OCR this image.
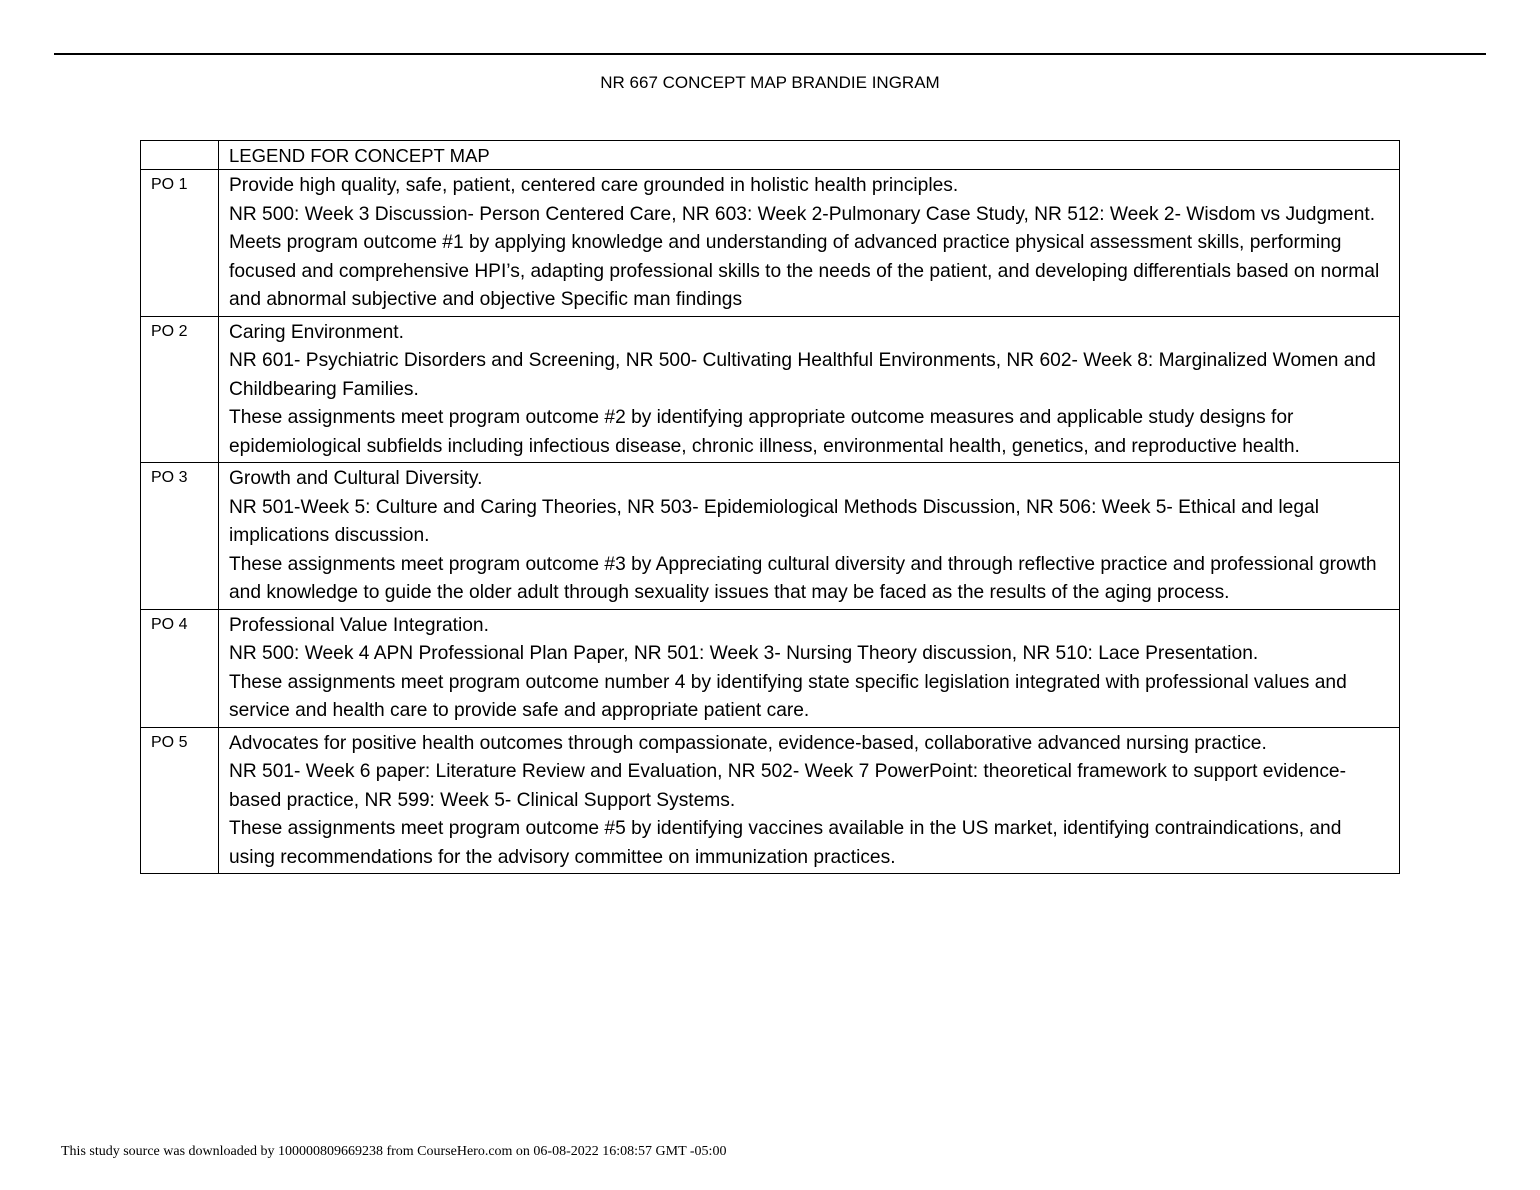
NR 667 CONCEPT MAP BRANDIE INGRAM
	LEGEND FOR CONCEPT MAP
PO 1	Provide high quality, safe, patient, centered care grounded in holistic health principles.

NR 500: Week 3 Discussion- Person Centered Care, NR 603: Week 2-Pulmonary Case Study, NR 512: Week 2- Wisdom vs Judgment.

Meets program outcome #1 by applying knowledge and understanding of advanced practice physical assessment skills, performing focused and comprehensive HPI’s, adapting professional skills to the needs of the patient, and developing differentials based on normal and abnormal subjective and objective Specific man findings

PO 2	Caring Environment.

NR 601- Psychiatric Disorders and Screening, NR 500- Cultivating Healthful Environments, NR 602- Week 8: Marginalized Women and Childbearing Families.

These assignments meet program outcome #2 by identifying appropriate outcome measures and applicable study designs for epidemiological subfields including infectious disease, chronic illness, environmental health, genetics, and reproductive health.

PO 3	Growth and Cultural Diversity.

NR 501-Week 5: Culture and Caring Theories, NR 503- Epidemiological Methods Discussion, NR 506: Week 5- Ethical and legal implications discussion.

These assignments meet program outcome #3 by Appreciating cultural diversity and through reflective practice and professional growth and knowledge to guide the older adult through sexuality issues that may be faced as the results of the aging process.

PO 4	Professional Value Integration.

NR 500: Week 4 APN Professional Plan Paper, NR 501: Week 3- Nursing Theory discussion, NR 510: Lace Presentation.

These assignments meet program outcome number 4 by identifying state specific legislation integrated with professional values and service and health care to provide safe and appropriate patient care.

PO 5	Advocates for positive health outcomes through compassionate, evidence-based, collaborative advanced nursing practice.

NR 501- Week 6 paper: Literature Review and Evaluation, NR 502- Week 7 PowerPoint: theoretical framework to support evidence-based practice, NR 599: Week 5- Clinical Support Systems.

These assignments meet program outcome #5 by identifying vaccines available in the US market, identifying contraindications, and using recommendations for the advisory committee on immunization practices.

This study source was downloaded by 100000809669238 from CourseHero.com on 06-08-2022 16:08:57 GMT -05:00
